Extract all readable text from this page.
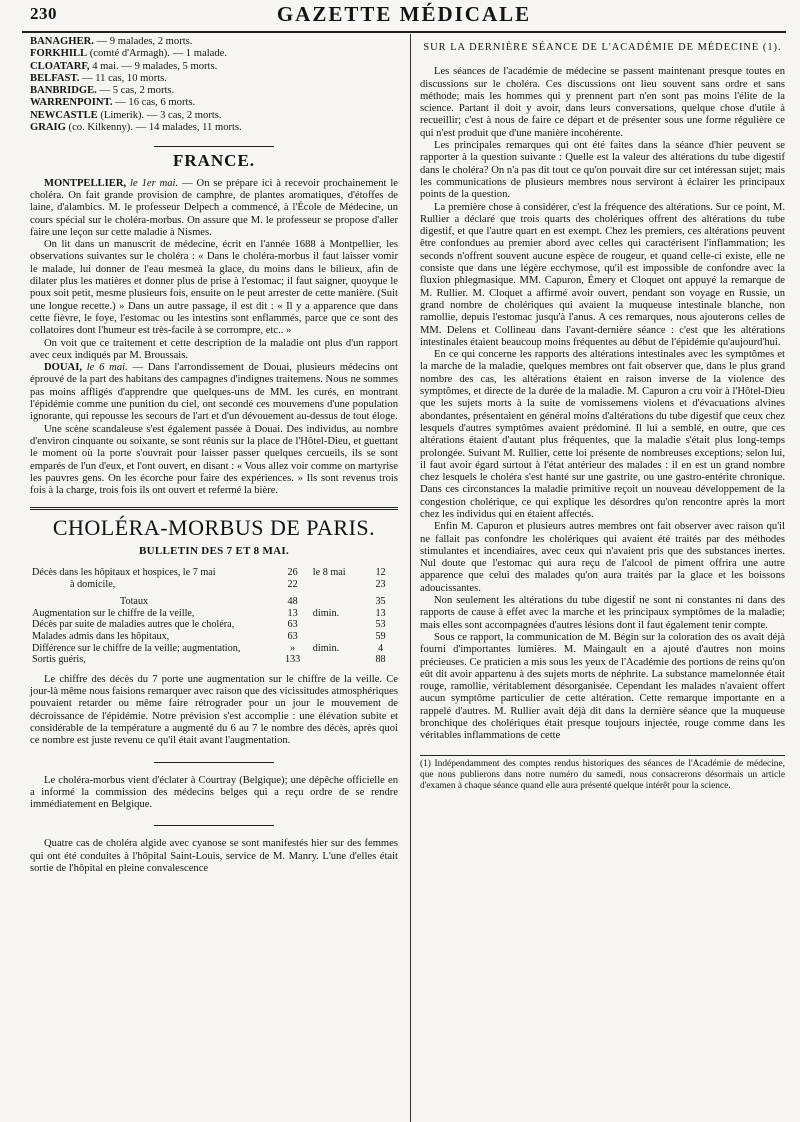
230	GAZETTE MÉDICALE
BANAGHER. — 9 malades, 2 morts.
FORKHILL (comté d'Armagh). — 1 malade.
CLOATARF, 4 mai. — 9 malades, 5 morts.
BELFAST. — 11 cas, 10 morts.
BANBRIDGE. — 5 cas, 2 morts.
WARRENPOINT. — 16 cas, 6 morts.
NEWCASTLE (Limerik). — 3 cas, 2 morts.
GRAIG (co. Kilkenny). — 14 malades, 11 morts.
FRANCE.

MONTPELLIER, le 1er mai. — On se prépare ici à recevoir prochainement le choléra. On fait grande provision de camphre, de plantes aromatiques, d'étoffes de laine, d'alambics. M. le professeur Delpech a commencé, à l'École de Médecine, un cours spécial sur le choléra-morbus. On assure que M. le professeur se propose d'aller faire une leçon sur cette maladie à Nismes.

On lit dans un manuscrit de médecine, écrit en l'année 1688 à Montpellier, les observations suivantes sur le choléra : « Dans le choléra-morbus il faut laisser vomir le malade, lui donner de l'eau mesmeà la glace, du moins dans le bilieux, afin de dilater plus les matières et donner plus de prise à l'estomac; il faut saigner, quoyque le poux soit petit, mesme plusieurs fois, ensuite on le peut arrester de cette manière. (Suit une longue recette.) » Dans un autre passage, il est dit : « Il y a apparence que dans cette fièvre, le foye, l'estomac ou les intestins sont enflammés, parce que ce sont des collatoires dont l'humeur est très-facile à se corrompre, etc.. »

On voit que ce traitement et cette description de la maladie ont plus d'un rapport avec ceux indiqués par M. Broussais.

DOUAI, le 6 mai. — Dans l'arrondissement de Douai, plusieurs médecins ont éprouvé de la part des habitans des campagnes d'indignes traitemens. Nous ne sommes pas moins affligés d'apprendre que quelques-uns de MM. les curés, en montrant l'épidémie comme une punition du ciel, ont secondé ces mouvemens d'une population ignorante, qui repousse les secours de l'art et d'un dévouement au-dessus de tout éloge.

Une scène scandaleuse s'est également passée à Douai. Des individus, au nombre d'environ cinquante ou soixante, se sont réunis sur la place de l'Hôtel-Dieu, et guettant le moment où la porte s'ouvrait pour laisser passer quelques cercueils, ils se sont emparés de l'un d'eux, et l'ont ouvert, en disant : « Vous allez voir comme on martyrise les pauvres gens. On les écorche pour faire des expériences. » Ils sont revenus trois fois à la charge, trois fois ils ont ouvert et refermé la bière.

CHOLÉRA-MORBUS DE PARIS.
BULLETIN DES 7 ET 8 MAI.
Décès dans les hôpitaux et hospices, le 7 mai	26	le 8 mai	12
à domicile,	22		23
Totaux	48		35
Augmentation sur le chiffre de la veille,	13	dimin.	13
Décès par suite de maladies autres que le choléra,	63		53
Malades admis dans les hôpitaux,	63		59
Différence sur le chiffre de la veille; augmentation,	»	dimin.	4
Sortis guéris,	133		88

Le chiffre des décès du 7 porte une augmentation sur le chiffre de la veille. Ce jour-là même nous faisions remarquer avec raison que des vicissitudes atmosphériques pouvaient retarder ou même faire rétrograder pour un jour le mouvement de décroissance de l'épidémie. Notre prévision s'est accomplie : une élévation subite et considérable de la température a augmenté du 6 au 7 le nombre des décès, après quoi ce nombre est juste revenu ce qu'il était avant l'augmentation.

Le choléra-morbus vient d'éclater à Courtray (Belgique); une dépêche officielle en a informé la commission des médecins belges qui a reçu ordre de se rendre immédiatement en Belgique.

Quatre cas de choléra algide avec cyanose se sont manifestés hier sur des femmes qui ont été conduites à l'hôpital Saint-Louis, service de M. Manry. L'une d'elles était sortie de l'hôpital en pleine convalescence

SUR LA DERNIÈRE SÉANCE DE L'ACADÉMIE DE MÉDECINE (1).

Les séances de l'académie de médecine se passent maintenant presque toutes en discussions sur le choléra. Ces discussions ont lieu souvent sans ordre et sans méthode; mais les hommes qui y prennent part n'en sont pas moins l'élite de la science. Partant il doit y avoir, dans leurs conversations, quelque chose d'utile à recueillir; c'est à nous de faire ce départ et de présenter sous une forme régulière ce qui n'est produit que d'une manière incohérente.

Les principales remarques qui ont été faites dans la séance d'hier peuvent se rapporter à la question suivante : Quelle est la valeur des altérations du tube digestif dans le choléra? On n'a pas dit tout ce qu'on pouvait dire sur cet intéressan sujet; mais les communications de plusieurs membres nous serviront à éclairer les principaux points de la question.

La première chose à considérer, c'est la fréquence des altérations. Sur ce point, M. Rullier a déclaré que trois quarts des cholériques offrent des altérations du tube digestif, et que l'autre quart en est exempt. Chez les premiers, ces altérations peuvent être confondues au premier abord avec celles qui caractérisent l'inflammation; les seconds n'offrent souvent aucune espèce de rougeur, et quand celle-ci existe, elle ne consiste que dans une légère ecchymose, qu'il est impossible de confondre avec la fluxion phlegmasique. MM. Capuron, Émery et Cloquet ont appuyé la remarque de M. Rullier. M. Cloquet a affirmé avoir ouvert, pendant son voyage en Russie, un grand nombre de cholériques qui avaient la muqueuse intestinale blanche, non ramollie, depuis l'estomac jusqu'à l'anus. A ces remarques, nous ajouterons celles de MM. Delens et Collineau dans l'avant-dernière séance : c'est que les altérations intestinales étaient beaucoup moins fréquentes au début de l'épidémie qu'aujourd'hui.

En ce qui concerne les rapports des altérations intestinales avec les symptômes et la marche de la maladie, quelques membres ont fait observer que, dans le plus grand nombre des cas, les altérations étaient en raison inverse de la violence des symptômes, et directe de la durée de la maladie. M. Capuron a cru voir à l'Hôtel-Dieu que les sujets morts à la suite de vomissemens violens et d'évacuations alvines abondantes, présentaient en général moins d'altérations du tube digestif que ceux chez lesquels d'autres symptômes avaient prédominé. Il lui a semblé, en outre, que ces altérations étaient d'autant plus fréquentes, que la maladie s'était plus long-temps prolongée. Suivant M. Rullier, cette loi présente de nombreuses exceptions; selon lui, il faut avoir égard surtout à l'état antérieur des malades : il en est un grand nombre chez lesquels le choléra s'est hanté sur une gastrite, ou une gastro-entérite chronique. Dans ces circonstances la maladie primitive reçoit un nouveau développement de la congestion cholérique, ce qui explique les désordres qu'on rencontre après la mort chez les individus qui en étaient affectés.

Enfin M. Capuron et plusieurs autres membres ont fait observer avec raison qu'il ne fallait pas confondre les cholériques qui avaient été traités par des méthodes stimulantes et incendiaires, avec ceux qui n'avaient pris que des substances inertes. Nul doute que l'estomac qui aura reçu de l'alcool de piment offrira une autre apparence que celui des malades qu'on aura traités par la glace et les boissons adoucissantes.

Non seulement les altérations du tube digestif ne sont ni constantes ni dans des rapports de cause à effet avec la marche et les principaux symptômes de la maladie; mais elles sont accompagnées d'autres lésions dont il faut également tenir compte.

Sous ce rapport, la communication de M. Bégin sur la coloration des os avait déjà fourni d'importantes lumières. M. Maingault en a ajouté d'autres non moins précieuses. Ce praticien a mis sous les yeux de l'Académie des portions de reins qu'on eût dit avoir appartenu à des sujets morts de néphrite. La substance mamelonnée était rouge, ramollie, véritablement désorganisée. Cependant les malades n'avaient offert aucun symptôme particulier de cette altération. Cette remarque importante en a rappelé d'autres. M. Rullier avait déjà dit dans la dernière séance que la muqueuse bronchique des cholériques était presque toujours injectée, rouge comme dans les véritables inflammations de cette

(1) Indépendamment des comptes rendus historiques des séances de l'Académie de médecine, que nous publierons dans notre numéro du samedi, nous consacrerons désormais un article d'examen à chaque séance quand elle aura présenté quelque intérêt pour la science.
